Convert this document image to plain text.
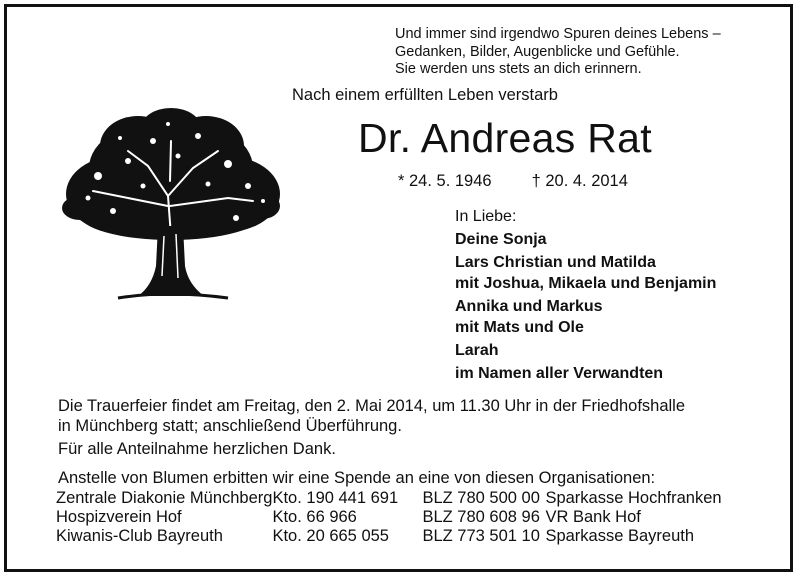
Und immer sind irgendwo Spuren deines Lebens –
Gedanken, Bilder, Augenblicke und Gefühle.
Sie werden uns stets an dich erinnern.
Nach einem erfüllten Leben verstarb
Dr. Andreas Rat
* 24. 5. 1946 † 20. 4. 2014
In Liebe:
Deine Sonja
Lars Christian und Matilda
mit Joshua, Mikaela und Benjamin
Annika und Markus
mit Mats und Ole
Larah
im Namen aller Verwandten
Die Trauerfeier findet am Freitag, den 2. Mai 2014, um 11.30 Uhr in der Friedhofshalle
in Münchberg statt; anschließend Überführung.
Für alle Anteilnahme herzlichen Dank.
Anstelle von Blumen erbitten wir eine Spende an eine von diesen Organisationen:
Zentrale Diakonie Münchberg	Kto. 190 441 691	BLZ 780 500 00	Sparkasse Hochfranken
Hospizverein Hof	Kto. 66 966	BLZ 780 608 96	VR Bank Hof
Kiwanis-Club Bayreuth	Kto. 20 665 055	BLZ 773 501 10	Sparkasse Bayreuth
